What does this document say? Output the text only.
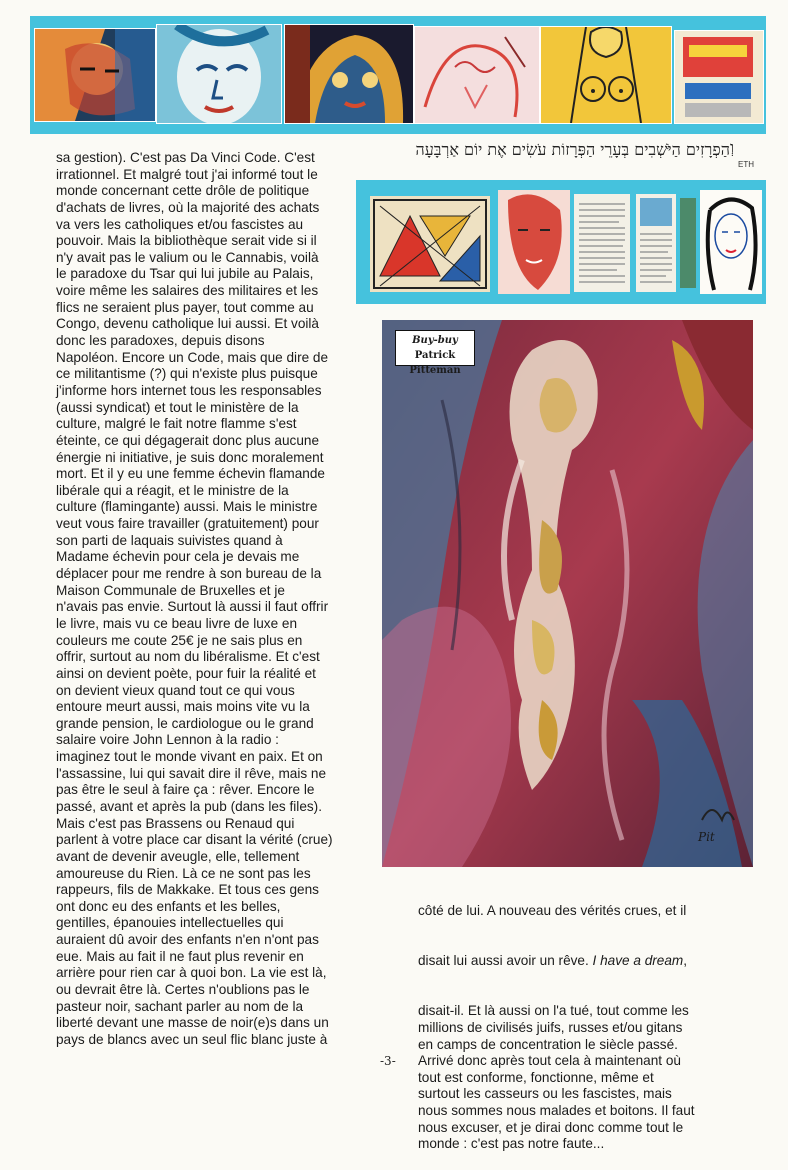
וְ
הַפְרָזִים הַיֹּשְׁבִים בְּעָרֵי הַפְּרָזוֹת עֹשִׂים אֶת יוֹם אַרְבָּעָה
ETH
Pit
Buy-buy
Patrick Pitteman
sa gestion). C'est pas Da Vinci Code. C'est
irrationnel. Et malgré tout j'ai informé tout le
monde concernant cette drôle de politique
d'achats de livres, où la majorité des achats
va vers les catholiques et/ou fascistes au
pouvoir. Mais la bibliothèque serait vide si il
n'y avait pas le valium ou le Cannabis, voilà
le paradoxe du Tsar qui lui jubile au Palais,
voire même les salaires des militaires et les
flics ne seraient plus payer, tout comme au
Congo, devenu catholique lui aussi. Et voilà
donc les paradoxes, depuis disons
Napoléon. Encore un Code, mais que dire de
ce militantisme (?) qui n'existe plus puisque
j'informe hors internet tous les responsables
(aussi syndicat) et tout le ministère de la
culture, malgré le fait notre flamme s'est
éteinte, ce qui dégagerait donc plus aucune
énergie ni initiative, je suis donc moralement
mort. Et il y eu une femme échevin flamande
libérale qui a réagit, et le ministre de la
culture (flamingante) aussi. Mais le ministre
veut vous faire travailler (gratuitement) pour
son parti de laquais suivistes quand à
Madame échevin pour cela je devais me
déplacer pour me rendre à son bureau de la
Maison Communale de Bruxelles et je
n'avais pas envie. Surtout là aussi il faut offrir
le livre, mais vu ce beau livre de luxe en
couleurs me coute 25€ je ne sais plus en
offrir, surtout au nom du libéralisme. Et c'est
ainsi on devient poète, pour fuir la réalité et
on devient vieux quand tout ce qui vous
entoure meurt aussi, mais moins vite vu la
grande pension, le cardiologue ou le grand
salaire voire John Lennon à la radio :
imaginez tout le monde vivant en paix. Et on
l'assassine, lui qui savait dire il rêve, mais ne
pas être le seul à faire ça : rêver. Encore le
passé, avant et après la pub (dans les files).
Mais c'est pas Brassens ou Renaud qui
parlent à votre place car disant la vérité (crue)
avant de devenir aveugle, elle, tellement
amoureuse du Rien. Là ce ne sont pas les
rappeurs, fils de Makkake. Et tous ces gens
ont donc eu des enfants et les belles,
gentilles, épanouies intellectuelles qui
auraient dû avoir des enfants n'en n'ont pas
eue. Mais au fait il ne faut plus revenir en
arrière pour rien car à quoi bon. La vie est là,
ou devrait être là. Certes n'oublions pas le
pasteur noir, sachant parler au nom de la
liberté devant une masse de noir(e)s dans un
pays de blancs avec un seul flic blanc juste à

côté de lui. A nouveau des vérités crues, et il

disait lui aussi avoir un rêve. I have a dream,

disait-il. Et là aussi on l'a tué, tout comme les
millions de civilisés juifs, russes et/ou gitans
en camps de concentration le siècle passé.
Arrivé donc après tout cela à maintenant où
tout est conforme, fonctionne, même et
surtout les casseurs ou les fascistes, mais
nous sommes nous malades et boitons. Il faut
nous excuser, et je dirai donc comme tout le
monde : c'est pas notre faute...

-3-
